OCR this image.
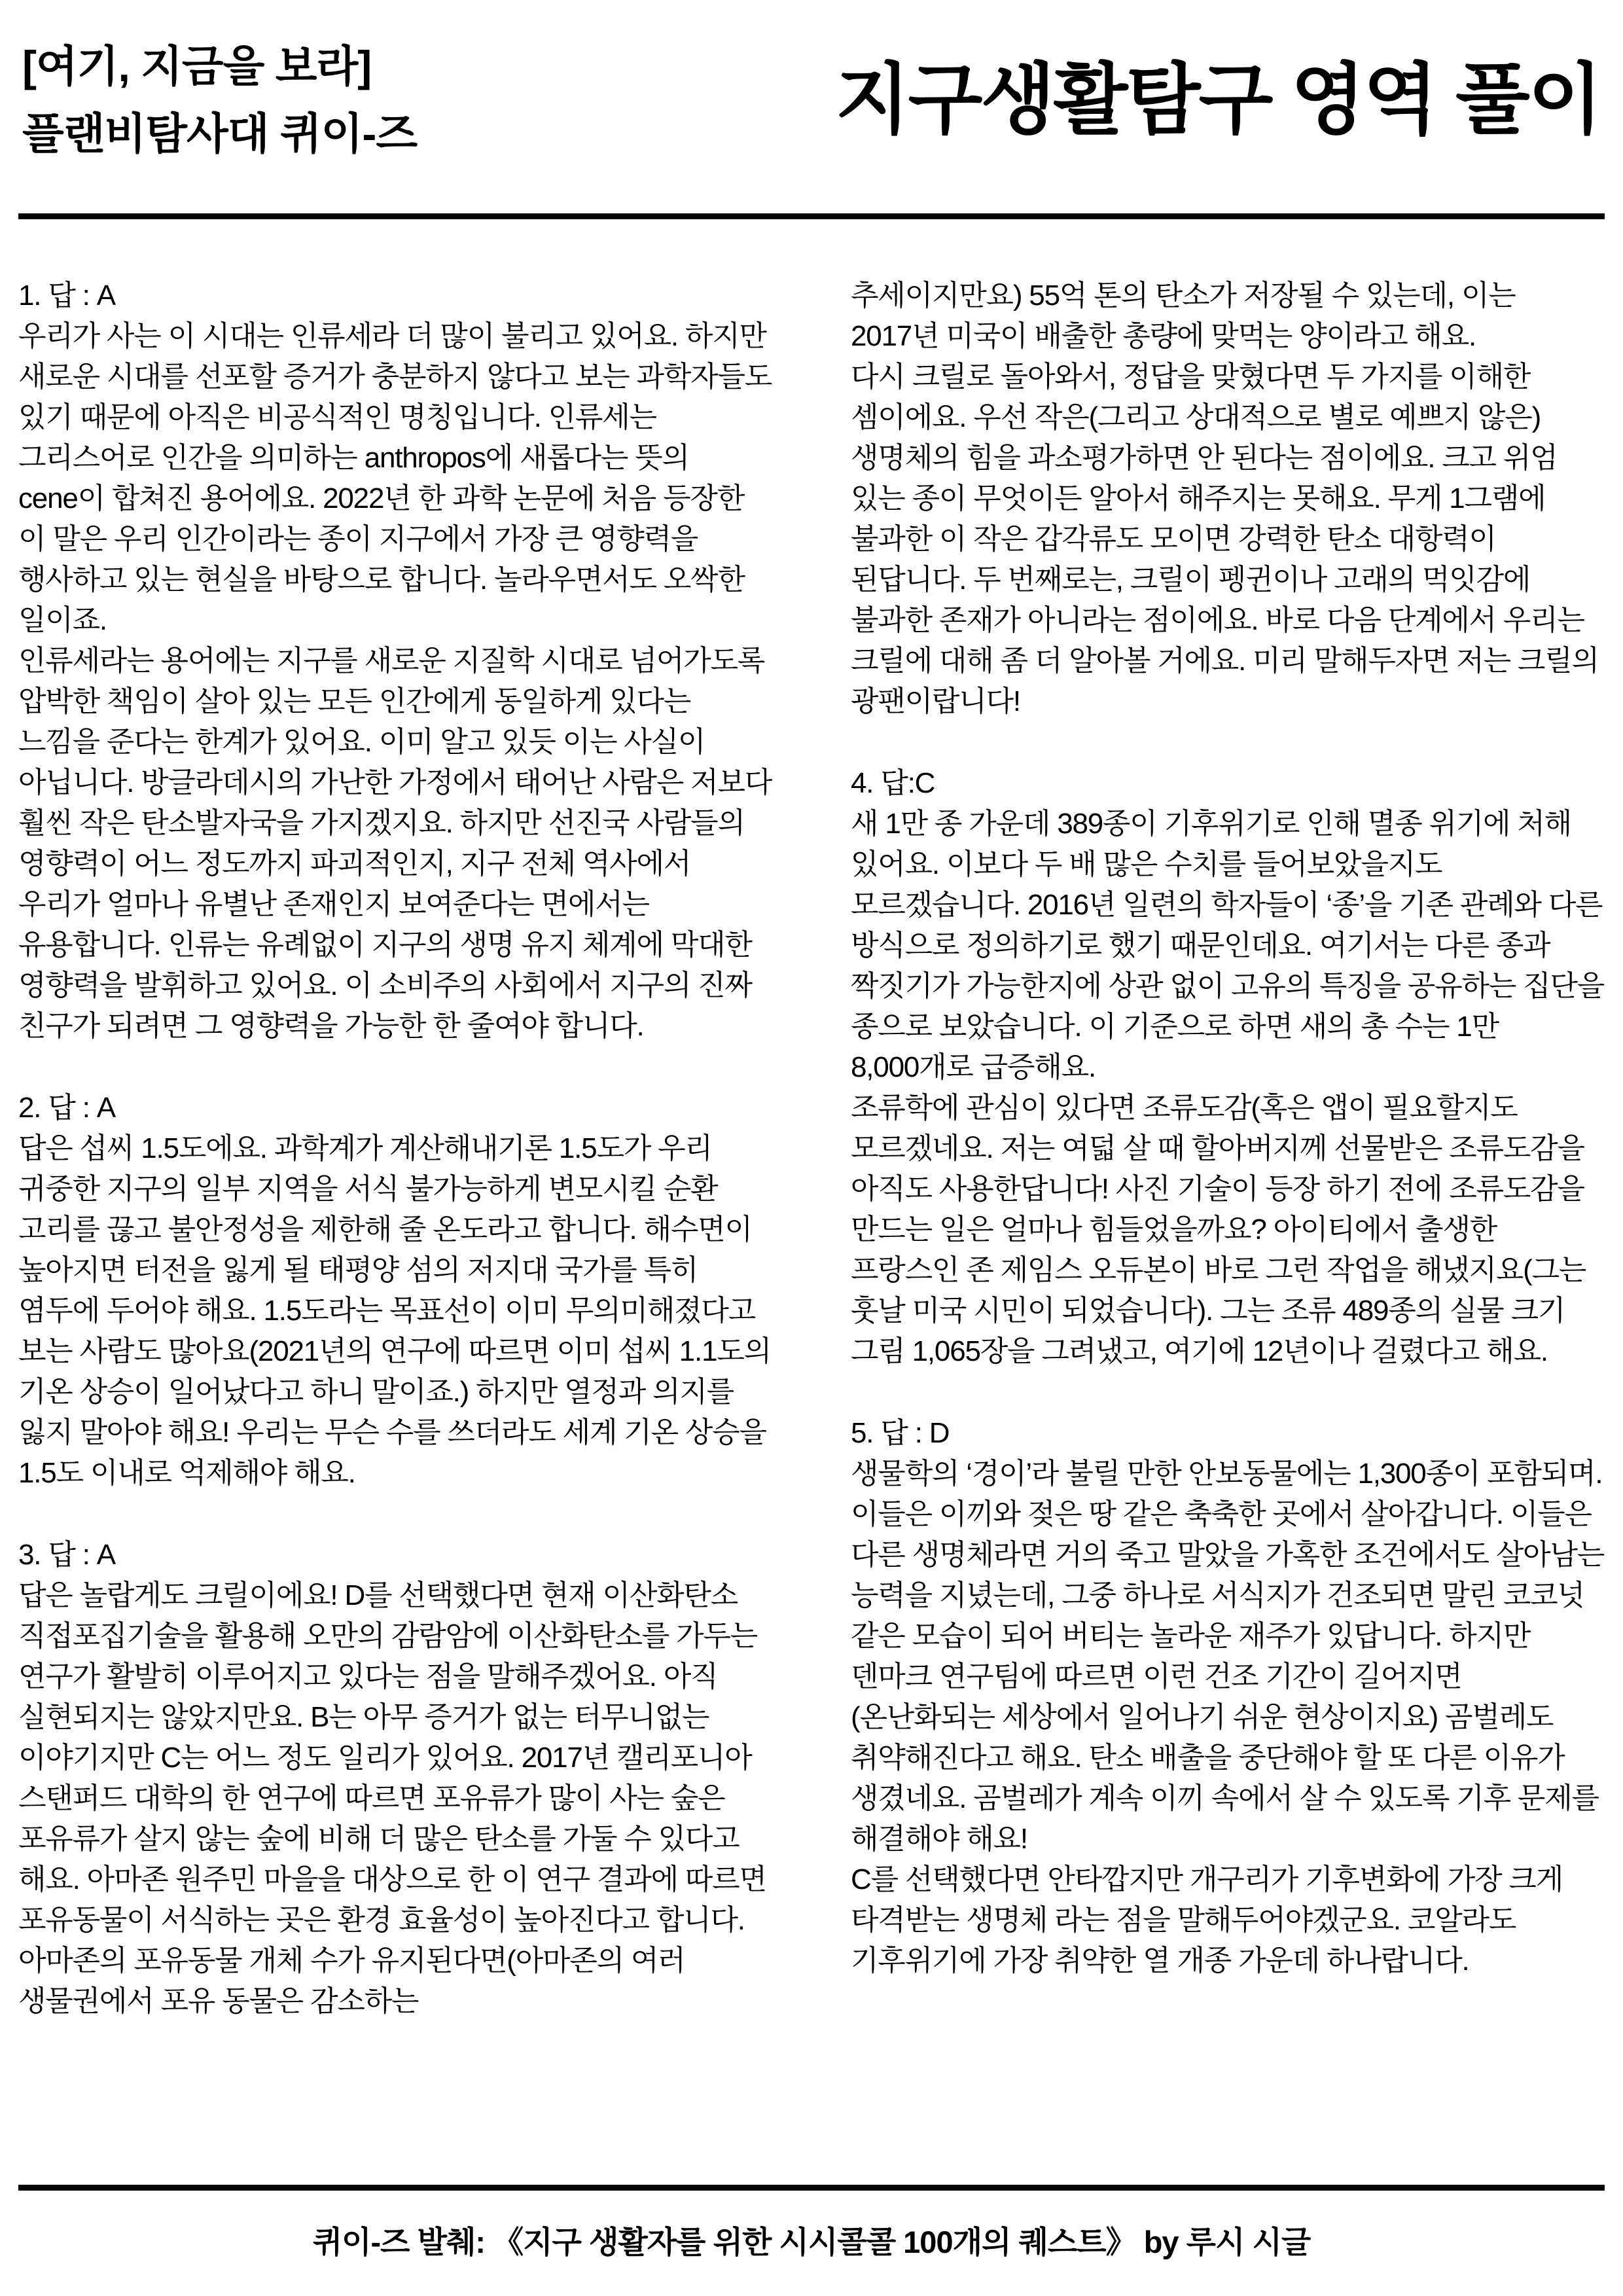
[여기, 지금을 보라]
플랜비탐사대 퀴이-즈	지구생활탐구 영역 풀이
1. 답 : A
우리가 사는 이 시대는 인류세라 더 많이 불리고 있어요. 하지만 새로운 시대를 선포할 증거가 충분하지 않다고 보는 과학자들도 있기 때문에 아직은 비공식적인 명칭입니다. 인류세는 그리스어로 인간을 의미하는 anthropos에 새롭다는 뜻의 cene이 합쳐진 용어에요. 2022년 한 과학 논문에 처음 등장한 이 말은 우리 인간이라는 종이 지구에서 가장 큰 영향력을 행사하고 있는 현실을 바탕으로 합니다. 놀라우면서도 오싹한 일이죠.
인류세라는 용어에는 지구를 새로운 지질학 시대로 넘어가도록 압박한 책임이 살아 있는 모든 인간에게 동일하게 있다는 느낌을 준다는 한계가 있어요. 이미 알고 있듯 이는 사실이 아닙니다. 방글라데시의 가난한 가정에서 태어난 사람은 저보다 훨씬 작은 탄소발자국을 가지겠지요. 하지만 선진국 사람들의 영향력이 어느 정도까지 파괴적인지, 지구 전체 역사에서 우리가 얼마나 유별난 존재인지 보여준다는 면에서는 유용합니다. 인류는 유례없이 지구의 생명 유지 체계에 막대한 영향력을 발휘하고 있어요. 이 소비주의 사회에서 지구의 진짜 친구가 되려면 그 영향력을 가능한 한 줄여야 합니다.
2. 답 : A
답은 섭씨 1.5도에요. 과학계가 계산해내기론 1.5도가 우리 귀중한 지구의 일부 지역을 서식 불가능하게 변모시킬 순환 고리를 끊고 불안정성을 제한해 줄 온도라고 합니다. 해수면이 높아지면 터전을 잃게 될 태평양 섬의 저지대 국가를 특히 염두에 두어야 해요. 1.5도라는 목표선이 이미 무의미해졌다고 보는 사람도 많아요(2021년의 연구에 따르면 이미 섭씨 1.1도의 기온 상승이 일어났다고 하니 말이죠.) 하지만 열정과 의지를 잃지 말아야 해요! 우리는 무슨 수를 쓰더라도 세계 기온 상승을 1.5도 이내로 억제해야 해요.
3. 답 : A
답은 놀랍게도 크릴이에요! D를 선택했다면 현재 이산화탄소 직접포집기술을 활용해 오만의 감람암에 이산화탄소를 가두는 연구가 활발히 이루어지고 있다는 점을 말해주겠어요. 아직 실현되지는 않았지만요. B는 아무 증거가 없는 터무니없는 이야기지만 C는 어느 정도 일리가 있어요. 2017년 캘리포니아 스탠퍼드 대학의 한 연구에 따르면 포유류가 많이 사는 숲은 포유류가 살지 않는 숲에 비해 더 많은 탄소를 가둘 수 있다고 해요. 아마존 원주민 마을을 대상으로 한 이 연구 결과에 따르면 포유동물이 서식하는 곳은 환경 효율성이 높아진다고 합니다. 아마존의 포유동물 개체 수가 유지된다면(아마존의 여러 생물권에서 포유 동물은 감소하는
추세이지만요) 55억 톤의 탄소가 저장될 수 있는데, 이는 2017년 미국이 배출한 총량에 맞먹는 양이라고 해요.
다시 크릴로 돌아와서, 정답을 맞혔다면 두 가지를 이해한 셈이에요. 우선 작은(그리고 상대적으로 별로 예쁘지 않은) 생명체의 힘을 과소평가하면 안 된다는 점이에요. 크고 위엄 있는 종이 무엇이든 알아서 해주지는 못해요. 무게 1그램에 불과한 이 작은 갑각류도 모이면 강력한 탄소 대항력이 된답니다. 두 번째로는, 크릴이 펭귄이나 고래의 먹잇감에 불과한 존재가 아니라는 점이에요. 바로 다음 단계에서 우리는 크릴에 대해 좀 더 알아볼 거에요. 미리 말해두자면 저는 크릴의 광팬이랍니다!
4. 답:C
새 1만 종 가운데 389종이 기후위기로 인해 멸종 위기에 처해 있어요. 이보다 두 배 많은 수치를 들어보았을지도 모르겠습니다. 2016년 일련의 학자들이 ‘종’을 기존 관례와 다른 방식으로 정의하기로 했기 때문인데요. 여기서는 다른 종과 짝짓기가 가능한지에 상관 없이 고유의 특징을 공유하는 집단을 종으로 보았습니다. 이 기준으로 하면 새의 총 수는 1만 8,000개로 급증해요.
조류학에 관심이 있다면 조류도감(혹은 앱이 필요할지도 모르겠네요. 저는 여덟 살 때 할아버지께 선물받은 조류도감을 아직도 사용한답니다! 사진 기술이 등장 하기 전에 조류도감을 만드는 일은 얼마나 힘들었을까요? 아이티에서 출생한 프랑스인 존 제임스 오듀본이 바로 그런 작업을 해냈지요(그는 훗날 미국 시민이 되었습니다). 그는 조류 489종의 실물 크기 그림 1,065장을 그려냈고, 여기에 12년이나 걸렸다고 해요.
5. 답 : D
생물학의 ‘경이’라 불릴 만한 안보동물에는 1,300종이 포함되며. 이들은 이끼와 젖은 땅 같은 축축한 곳에서 살아갑니다. 이들은 다른 생명체라면 거의 죽고 말았을 가혹한 조건에서도 살아남는 능력을 지녔는데, 그중 하나로 서식지가 건조되면 말린 코코넛 같은 모습이 되어 버티는 놀라운 재주가 있답니다. 하지만 덴마크 연구팀에 따르면 이런 건조 기간이 길어지면(온난화되는 세상에서 일어나기 쉬운 현상이지요) 곰벌레도 취약해진다고 해요. 탄소 배출을 중단해야 할 또 다른 이유가 생겼네요. 곰벌레가 계속 이끼 속에서 살 수 있도록 기후 문제를 해결해야 해요!
C를 선택했다면 안타깝지만 개구리가 기후변화에 가장 크게 타격받는 생명체 라는 점을 말해두어야겠군요. 코알라도 기후위기에 가장 취약한 열 개종 가운데 하나랍니다.

퀴이-즈 발췌: 《지구 생활자를 위한 시시콜콜 100개의 퀘스트》 by 루시 시글
